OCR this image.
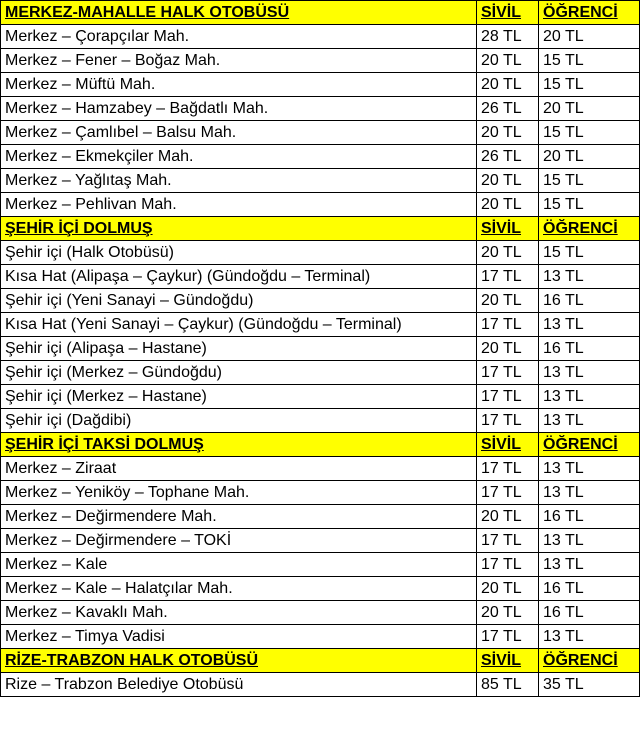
MERKEZ-MAHALLE HALK OTOBÜSÜ	SİVİL	ÖĞRENCİ
Merkez – Çorapçılar Mah.	28 TL	20 TL
Merkez – Fener – Boğaz Mah.	20 TL	15 TL
Merkez – Müftü Mah.	20 TL	15 TL
Merkez – Hamzabey – Bağdatlı Mah.	26 TL	20 TL
Merkez – Çamlıbel – Balsu Mah.	20 TL	15 TL
Merkez – Ekmekçiler Mah.	26 TL	20 TL
Merkez – Yağlıtaş Mah.	20 TL	15 TL
Merkez – Pehlivan Mah.	20 TL	15 TL
ŞEHİR İÇİ DOLMUŞ	SİVİL	ÖĞRENCİ
Şehir içi (Halk Otobüsü)	20 TL	15 TL
Kısa Hat (Alipaşa – Çaykur) (Gündoğdu – Terminal)	17 TL	13 TL
Şehir içi (Yeni Sanayi – Gündoğdu)	20 TL	16 TL
Kısa Hat (Yeni Sanayi – Çaykur) (Gündoğdu – Terminal)	17 TL	13 TL
Şehir içi (Alipaşa – Hastane)	20 TL	16 TL
Şehir içi (Merkez – Gündoğdu)	17 TL	13 TL
Şehir içi (Merkez – Hastane)	17 TL	13 TL
Şehir içi (Dağdibi)	17 TL	13 TL
ŞEHİR İÇİ TAKSİ DOLMUŞ	SİVİL	ÖĞRENCİ
Merkez – Ziraat	17 TL	13 TL
Merkez – Yeniköy – Tophane Mah.	17 TL	13 TL
Merkez – Değirmendere Mah.	20 TL	16 TL
Merkez – Değirmendere – TOKİ	17 TL	13 TL
Merkez – Kale	17 TL	13 TL
Merkez – Kale – Halatçılar Mah.	20 TL	16 TL
Merkez – Kavaklı Mah.	20 TL	16 TL
Merkez – Timya Vadisi	17 TL	13 TL
RİZE-TRABZON HALK OTOBÜSÜ	SİVİL	ÖĞRENCİ
Rize – Trabzon Belediye Otobüsü	85 TL	35 TL
